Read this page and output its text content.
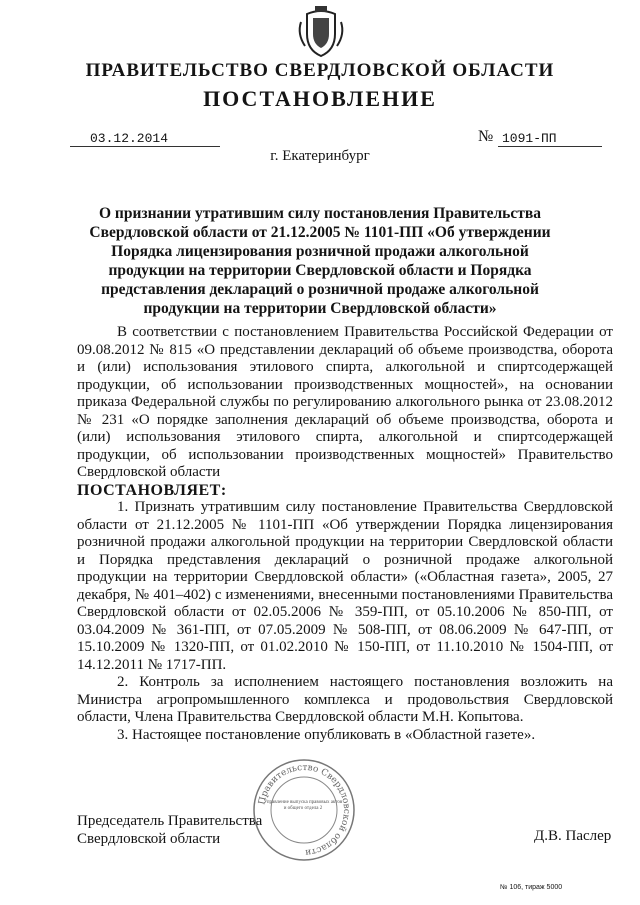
ПРАВИТЕЛЬСТВО СВЕРДЛОВСКОЙ ОБЛАСТИ
ПОСТАНОВЛЕНИЕ
03.12.2014	№ 1091-ПП
г. Екатеринбург
О признании утратившим силу постановления Правительства Свердловской области от 21.12.2005 № 1101-ПП «Об утверждении Порядка лицензирования розничной продажи алкогольной продукции на территории Свердловской области и Порядка представления деклараций о розничной продаже алкогольной продукции на территории Свердловской области»

В соответствии с постановлением Правительства Российской Федерации от 09.08.2012 № 815 «О представлении деклараций об объеме производства, оборота и (или) использования этилового спирта, алкогольной и спиртсодержащей продукции, об использовании производственных мощностей», на основании приказа Федеральной службы по регулированию алкогольного рынка от 23.08.2012 № 231 «О порядке заполнения деклараций об объеме производства, оборота и (или) использования этилового спирта, алкогольной и спиртсодержащей продукции, об использовании производственных мощностей» Правительство Свердловской области

ПОСТАНОВЛЯЕТ:

1. Признать утратившим силу постановление Правительства Свердловской области от 21.12.2005 № 1101-ПП «Об утверждении Порядка лицензирования розничной продажи алкогольной продукции на территории Свердловской области и Порядка представления деклараций о розничной продаже алкогольной продукции на территории Свердловской области» («Областная газета», 2005, 27 декабря, № 401–402) с изменениями, внесенными постановлениями Правительства Свердловской области от 02.05.2006 № 359-ПП, от 05.10.2006 № 850-ПП, от 03.04.2009 № 361-ПП, от 07.05.2009 № 508-ПП, от 08.06.2009 № 647-ПП, от 15.10.2009 № 1320-ПП, от 01.02.2010 № 150-ПП, от 11.10.2010 № 1504-ПП, от 14.12.2011 № 1717-ПП.

2. Контроль за исполнением настоящего постановления возложить на Министра агропромышленного комплекса и продовольствия Свердловской области, Члена Правительства Свердловской области М.Н. Копытова.

3. Настоящее постановление опубликовать в «Областной газете».

Председатель Правительства
Свердловской области	Д.В. Паслер
Правительство Свердловской области
Управление выпуска правовых актов и общего отдела 2
№ 106, тираж 5000
